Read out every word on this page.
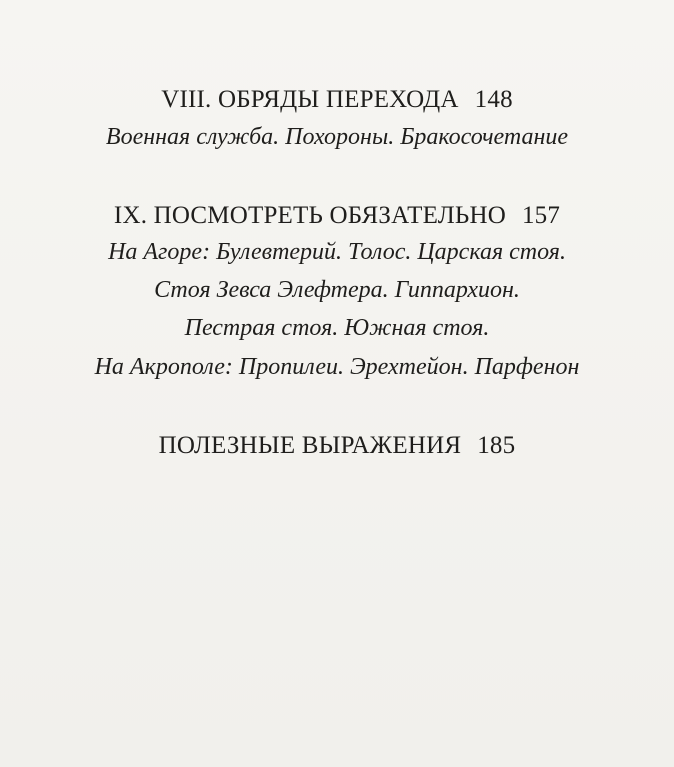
VIII. ОБРЯДЫ ПЕРЕХОДА 148
Военная служба. Похороны. Бракосочетание
IX. ПОСМОТРЕТЬ ОБЯЗАТЕЛЬНО 157
На Агоре: Булевтерий. Толос. Царская стоя.
Стоя Зевса Элефтера. Гиппархион.
Пестрая стоя. Южная стоя.
На Акрополе: Пропилеи. Эрехтейон. Парфенон
ПОЛЕЗНЫЕ ВЫРАЖЕНИЯ 185
